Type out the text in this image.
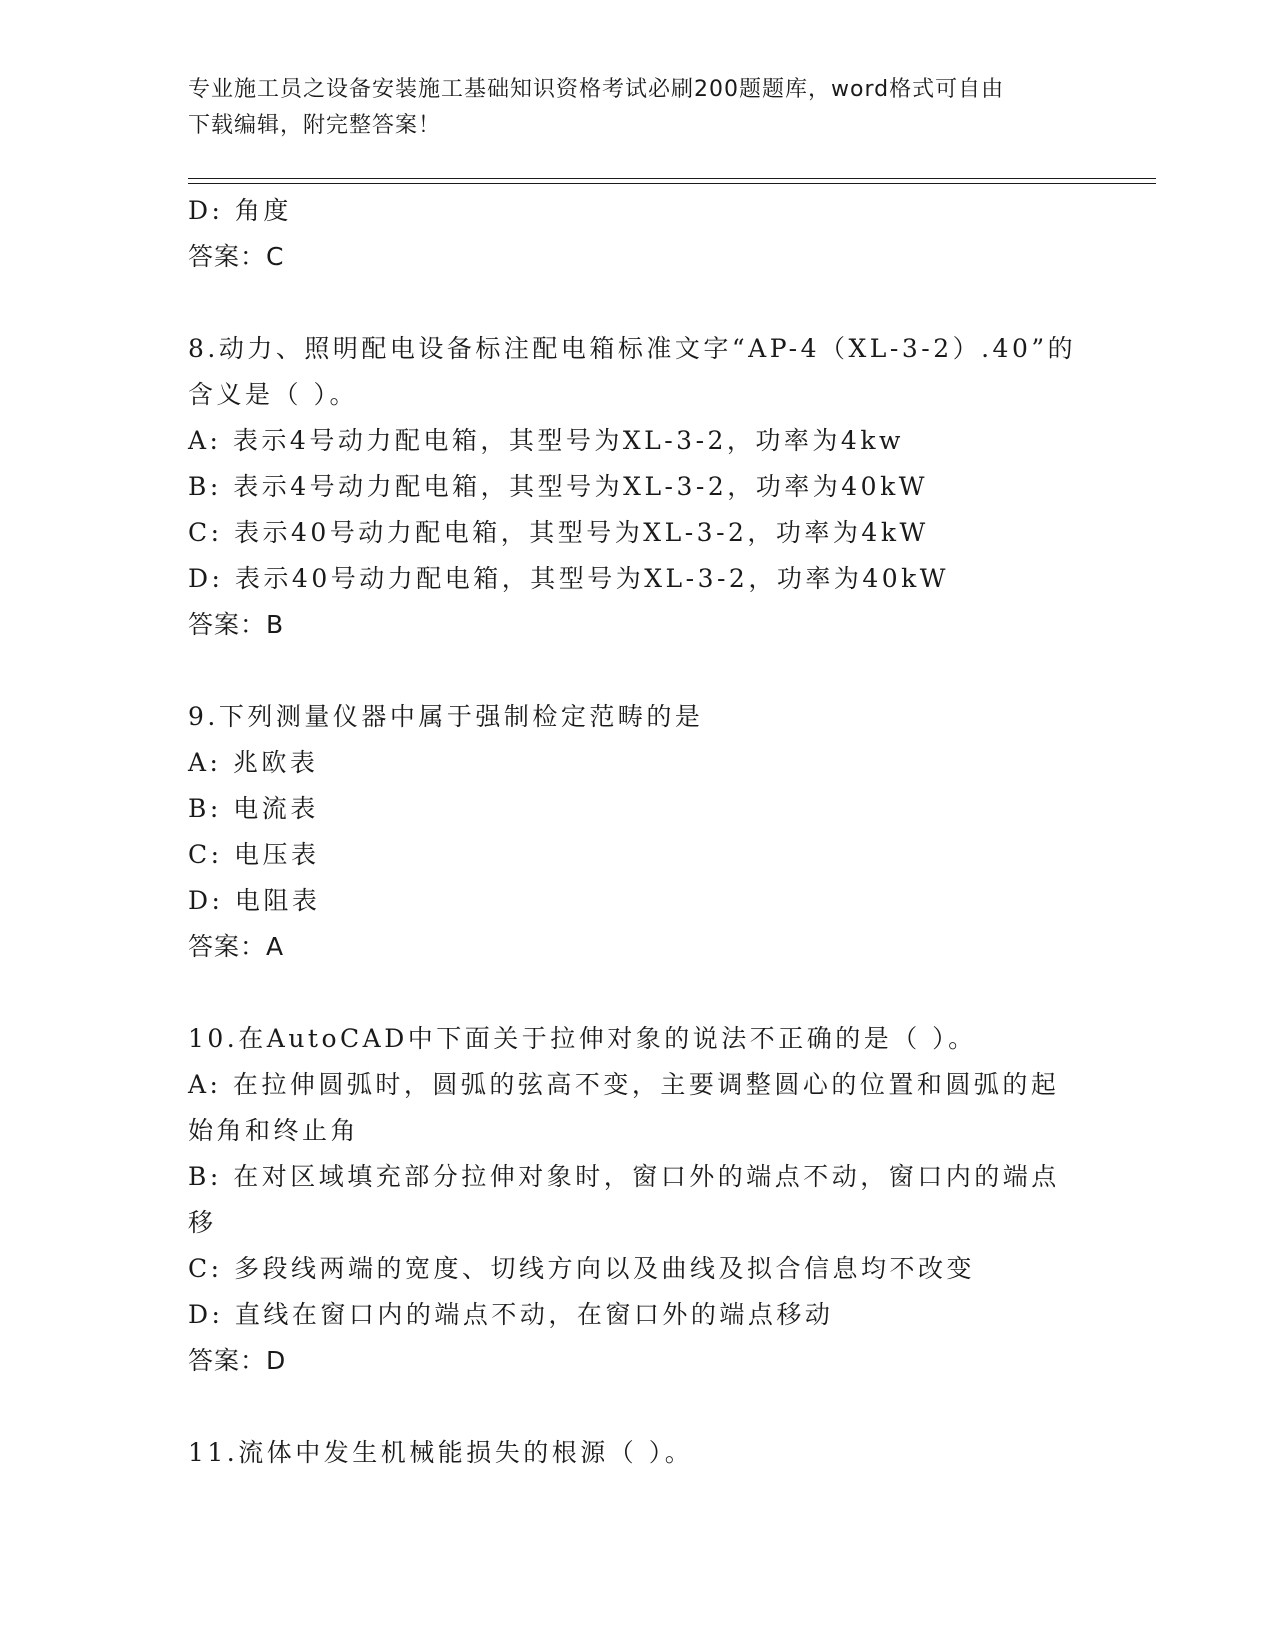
专业施工员之设备安装施工基础知识资格考试必刷200题题库，word格式可自由
下载编辑，附完整答案！
D: 角度
答案：C
8.动力、照明配电设备标注配电箱标准文字“AP-4（XL-3-2）.40”的
含义是（ ）。
A: 表示4号动力配电箱，其型号为XL-3-2，功率为4kw
B: 表示4号动力配电箱，其型号为XL-3-2，功率为40kW
C: 表示40号动力配电箱，其型号为XL-3-2，功率为4kW
D: 表示40号动力配电箱，其型号为XL-3-2，功率为40kW
答案：B
9.下列测量仪器中属于强制检定范畴的是
A: 兆欧表
B: 电流表
C: 电压表
D: 电阻表
答案：A
10.在AutoCAD中下面关于拉伸对象的说法不正确的是（ ）。
A: 在拉伸圆弧时，圆弧的弦高不变，主要调整圆心的位置和圆弧的起
始角和终止角
B: 在对区域填充部分拉伸对象时，窗口外的端点不动，窗口内的端点
移
C: 多段线两端的宽度、切线方向以及曲线及拟合信息均不改变
D: 直线在窗口内的端点不动，在窗口外的端点移动
答案：D
11.流体中发生机械能损失的根源（ ）。
